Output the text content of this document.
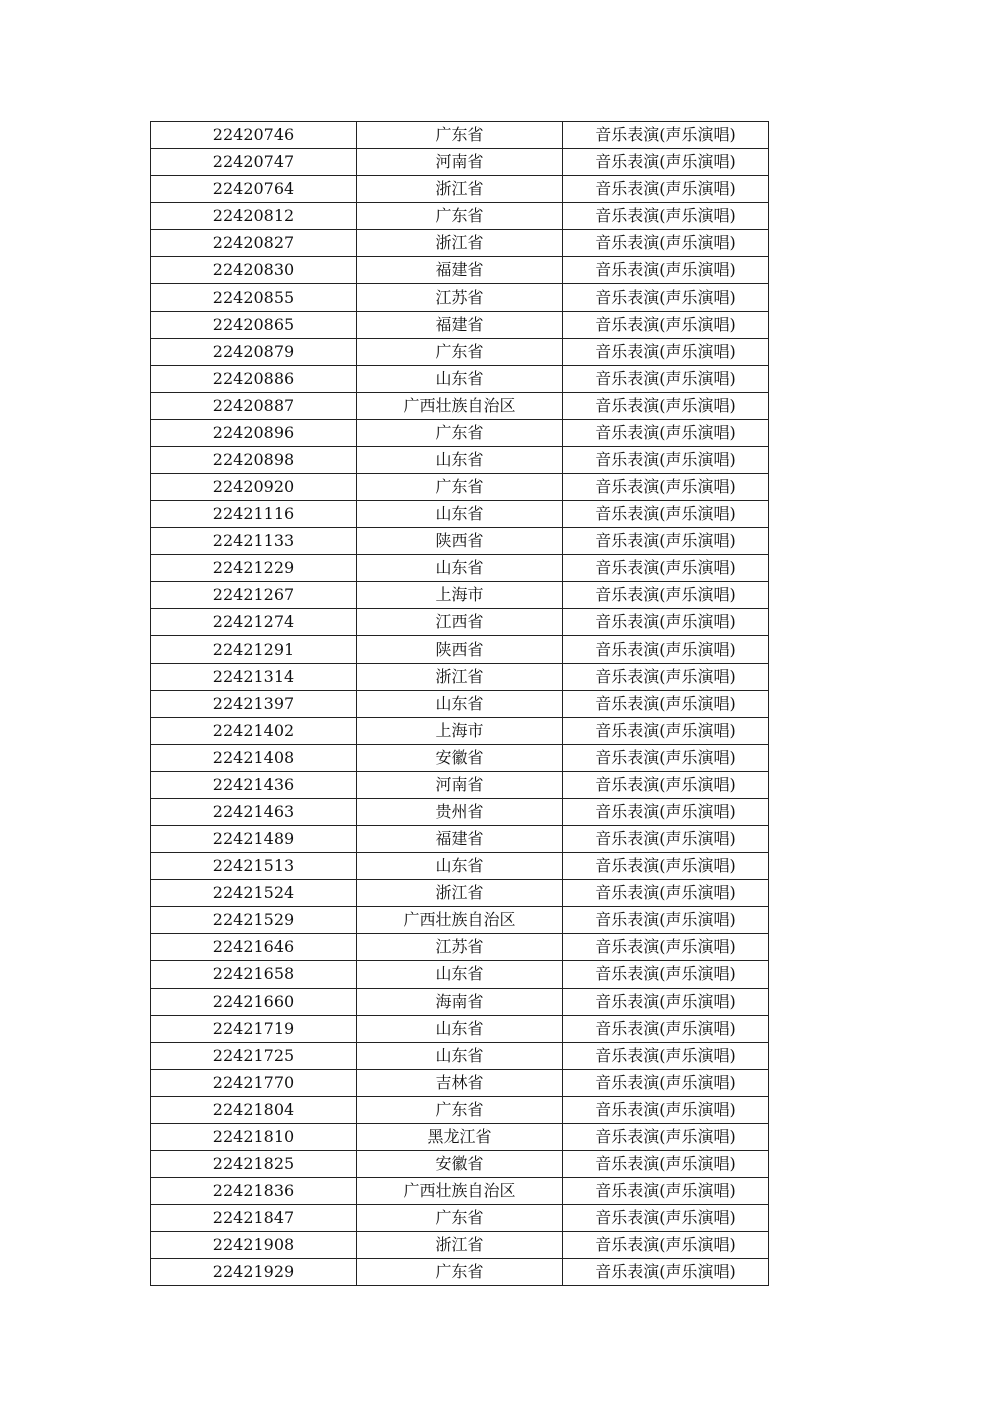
22420746	广东省	音乐表演(声乐演唱)
22420747	河南省	音乐表演(声乐演唱)
22420764	浙江省	音乐表演(声乐演唱)
22420812	广东省	音乐表演(声乐演唱)
22420827	浙江省	音乐表演(声乐演唱)
22420830	福建省	音乐表演(声乐演唱)
22420855	江苏省	音乐表演(声乐演唱)
22420865	福建省	音乐表演(声乐演唱)
22420879	广东省	音乐表演(声乐演唱)
22420886	山东省	音乐表演(声乐演唱)
22420887	广西壮族自治区	音乐表演(声乐演唱)
22420896	广东省	音乐表演(声乐演唱)
22420898	山东省	音乐表演(声乐演唱)
22420920	广东省	音乐表演(声乐演唱)
22421116	山东省	音乐表演(声乐演唱)
22421133	陕西省	音乐表演(声乐演唱)
22421229	山东省	音乐表演(声乐演唱)
22421267	上海市	音乐表演(声乐演唱)
22421274	江西省	音乐表演(声乐演唱)
22421291	陕西省	音乐表演(声乐演唱)
22421314	浙江省	音乐表演(声乐演唱)
22421397	山东省	音乐表演(声乐演唱)
22421402	上海市	音乐表演(声乐演唱)
22421408	安徽省	音乐表演(声乐演唱)
22421436	河南省	音乐表演(声乐演唱)
22421463	贵州省	音乐表演(声乐演唱)
22421489	福建省	音乐表演(声乐演唱)
22421513	山东省	音乐表演(声乐演唱)
22421524	浙江省	音乐表演(声乐演唱)
22421529	广西壮族自治区	音乐表演(声乐演唱)
22421646	江苏省	音乐表演(声乐演唱)
22421658	山东省	音乐表演(声乐演唱)
22421660	海南省	音乐表演(声乐演唱)
22421719	山东省	音乐表演(声乐演唱)
22421725	山东省	音乐表演(声乐演唱)
22421770	吉林省	音乐表演(声乐演唱)
22421804	广东省	音乐表演(声乐演唱)
22421810	黑龙江省	音乐表演(声乐演唱)
22421825	安徽省	音乐表演(声乐演唱)
22421836	广西壮族自治区	音乐表演(声乐演唱)
22421847	广东省	音乐表演(声乐演唱)
22421908	浙江省	音乐表演(声乐演唱)
22421929	广东省	音乐表演(声乐演唱)
